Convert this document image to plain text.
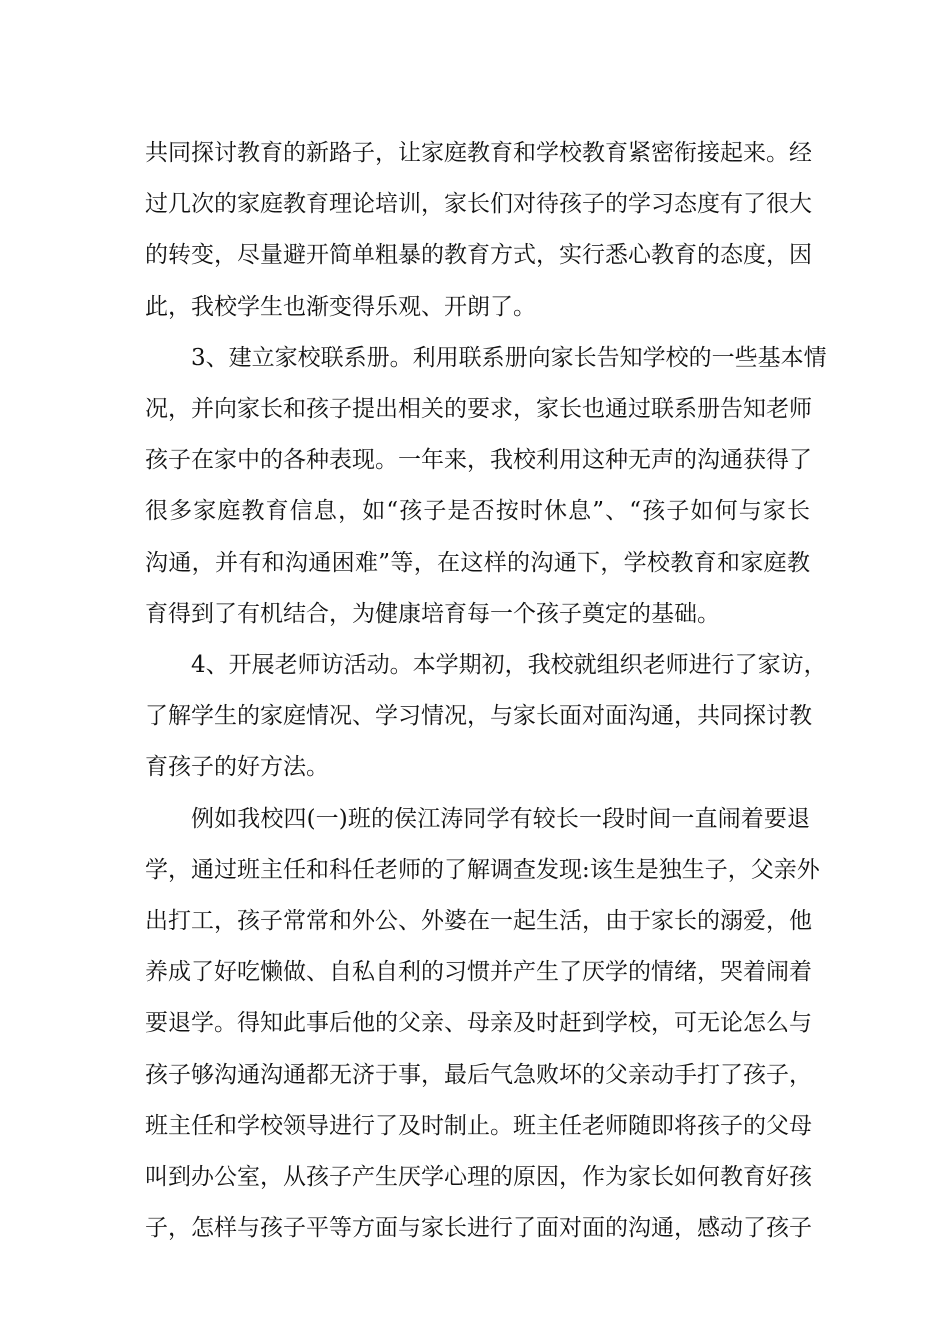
共同探讨教育的新路子，让家庭教育和学校教育紧密衔接起来。经
过几次的家庭教育理论培训，家长们对待孩子的学习态度有了很大
的转变，尽量避开简单粗暴的教育方式，实行悉心教育的态度，因
此，我校学生也渐变得乐观、开朗了。
3、建立家校联系册。利用联系册向家长告知学校的一些基本情
况，并向家长和孩子提出相关的要求，家长也通过联系册告知老师
孩子在家中的各种表现。一年来，我校利用这种无声的沟通获得了
很多家庭教育信息，如“孩子是否按时休息”、“孩子如何与家长
沟通，并有和沟通困难”等，在这样的沟通下，学校教育和家庭教
育得到了有机结合，为健康培育每一个孩子奠定的基础。
4、开展老师访活动。本学期初，我校就组织老师进行了家访，
了解学生的家庭情况、学习情况，与家长面对面沟通，共同探讨教
育孩子的好方法。
例如我校四(一)班的侯江涛同学有较长一段时间一直闹着要退
学，通过班主任和科任老师的了解调查发现:该生是独生子，父亲外
出打工，孩子常常和外公、外婆在一起生活，由于家长的溺爱，他
养成了好吃懒做、自私自利的习惯并产生了厌学的情绪，哭着闹着
要退学。得知此事后他的父亲、母亲及时赶到学校，可无论怎么与
孩子够沟通沟通都无济于事，最后气急败坏的父亲动手打了孩子，
班主任和学校领导进行了及时制止。班主任老师随即将孩子的父母
叫到办公室，从孩子产生厌学心理的原因，作为家长如何教育好孩
子，怎样与孩子平等方面与家长进行了面对面的沟通，感动了孩子
